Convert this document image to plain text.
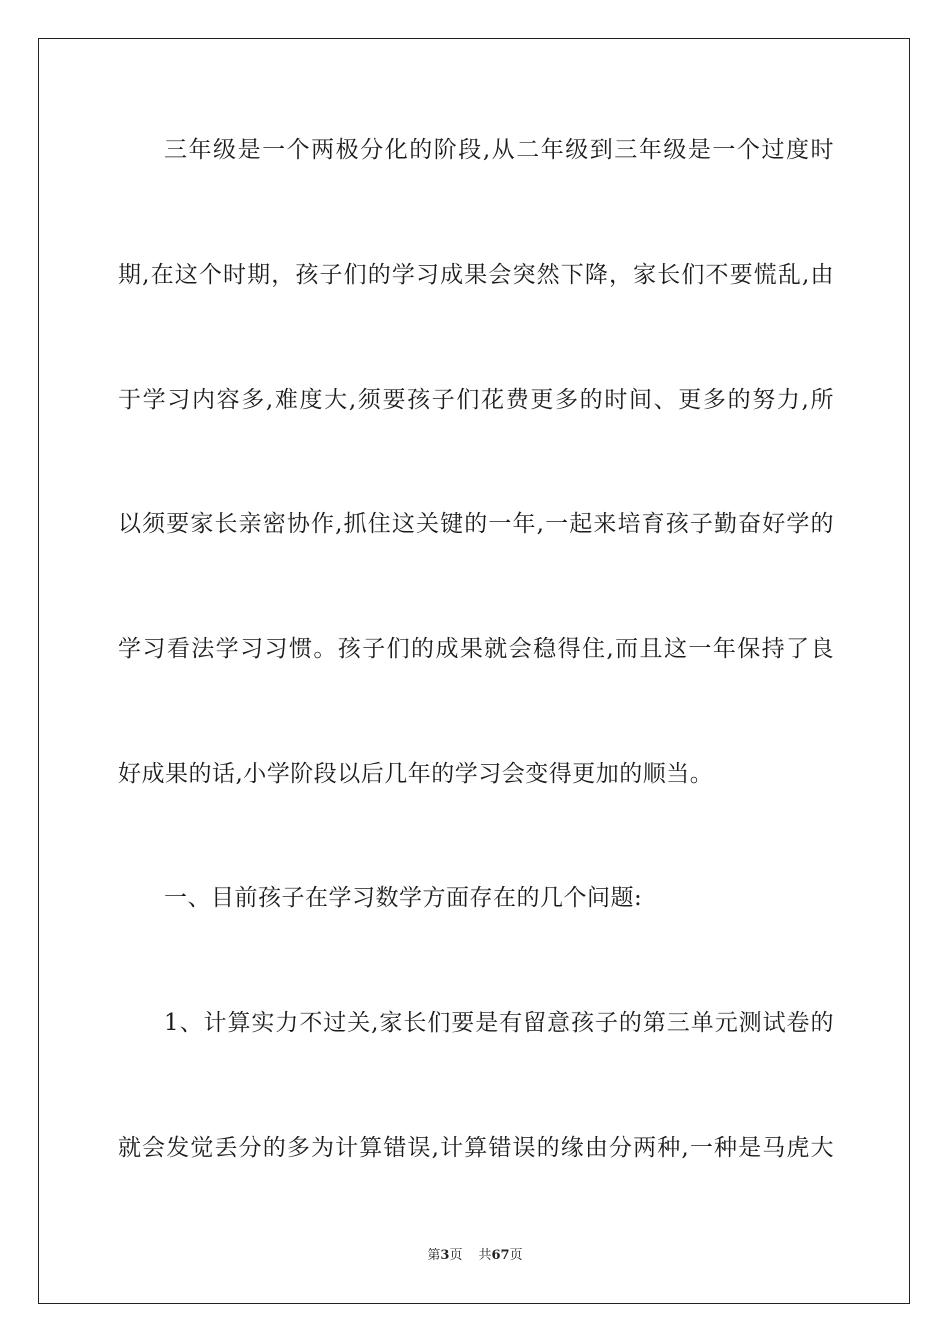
三年级是一个两极分化的阶段,从二年级到三年级是一个过度时
期,在这个时期，孩子们的学习成果会突然下降，家长们不要慌乱,由
于学习内容多,难度大,须要孩子们花费更多的时间、更多的努力,所
以须要家长亲密协作,抓住这关键的一年,一起来培育孩子勤奋好学的
学习看法学习习惯。孩子们的成果就会稳得住,而且这一年保持了良
好成果的话,小学阶段以后几年的学习会变得更加的顺当。
一、目前孩子在学习数学方面存在的几个问题:
1、计算实力不过关,家长们要是有留意孩子的第三单元测试卷的
就会发觉丢分的多为计算错误,计算错误的缘由分两种,一种是马虎大
第3页 共67页
